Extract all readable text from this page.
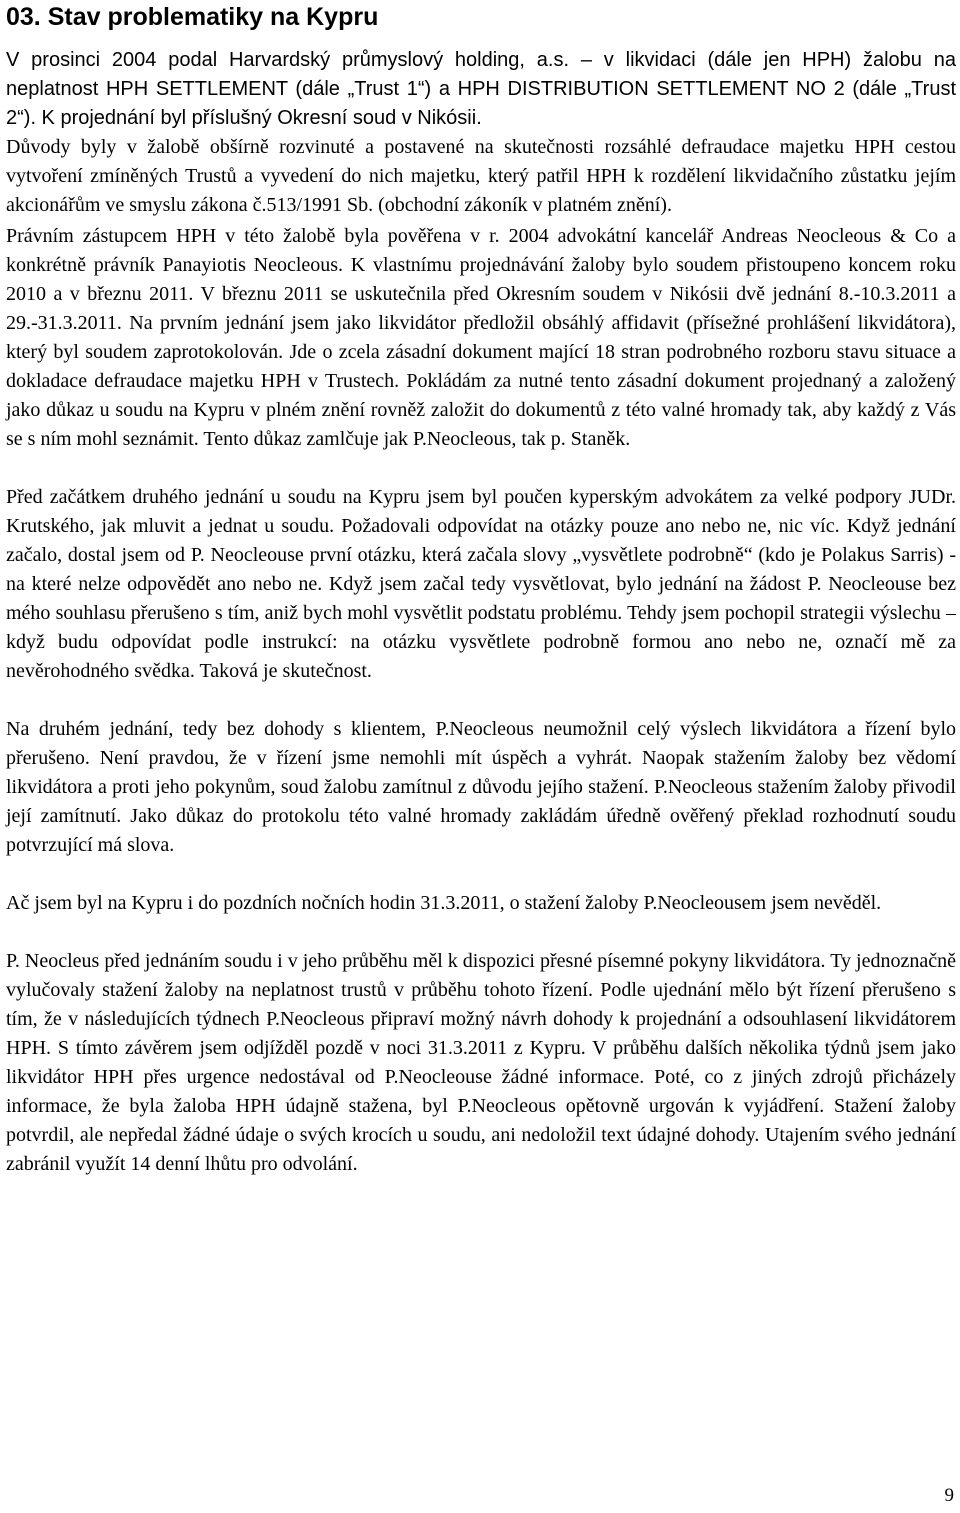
03. Stav problematiky na Kypru

V prosinci 2004 podal Harvardský průmyslový holding, a.s. – v likvidaci (dále jen HPH) žalobu na neplatnost HPH SETTLEMENT (dále „Trust 1“) a HPH DISTRIBUTION SETTLEMENT NO 2 (dále „Trust 2“). K projednání byl příslušný Okresní soud v Nikósii.

Důvody byly v žalobě obšírně rozvinuté a postavené na skutečnosti rozsáhlé defraudace majetku HPH cestou vytvoření zmíněných Trustů a vyvedení do nich majetku, který patřil HPH k rozdělení likvidačního zůstatku jejím akcionářům ve smyslu zákona č.513/1991 Sb. (obchodní zákoník v platném znění).

Právním zástupcem HPH v této žalobě byla pověřena v r. 2004 advokátní kancelář Andreas Neocleous & Co a konkrétně právník Panayiotis Neocleous. K vlastnímu projednávání žaloby bylo soudem přistoupeno koncem roku 2010 a v březnu 2011. V březnu 2011 se uskutečnila před Okresním soudem v Nikósii dvě jednání 8.-10.3.2011 a 29.-31.3.2011. Na prvním jednání jsem jako likvidátor předložil obsáhlý affidavit (přísežné prohlášení likvidátora), který byl soudem zaprotokolován. Jde o zcela zásadní dokument mající 18 stran podrobného rozboru stavu situace a dokladace defraudace majetku HPH v Trustech. Pokládám za nutné tento zásadní dokument projednaný a založený jako důkaz u soudu na Kypru v plném znění rovněž založit do dokumentů z této valné hromady tak, aby každý z Vás se s ním mohl seznámit. Tento důkaz zamlčuje jak P.Neocleous, tak p. Staněk.

Před začátkem druhého jednání u soudu na Kypru jsem byl poučen kyperským advokátem za velké podpory JUDr. Krutského, jak mluvit a jednat u soudu. Požadovali odpovídat na otázky pouze ano nebo ne, nic víc. Když jednání začalo, dostal jsem od P. Neocleouse první otázku, která začala slovy „vysvětlete podrobně“ (kdo je Polakus Sarris) - na které nelze odpovědět ano nebo ne. Když jsem začal tedy vysvětlovat, bylo jednání na žádost P. Neocleouse bez mého souhlasu přerušeno s tím, aniž bych mohl vysvětlit podstatu problému. Tehdy jsem pochopil strategii výslechu – když budu odpovídat podle instrukcí: na otázku vysvětlete podrobně formou ano nebo ne, označí mě za nevěrohodného svědka. Taková je skutečnost.

Na druhém jednání, tedy bez dohody s klientem, P.Neocleous neumožnil celý výslech likvidátora a řízení bylo přerušeno. Není pravdou, že v řízení jsme nemohli mít úspěch a vyhrát. Naopak stažením žaloby bez vědomí likvidátora a proti jeho pokynům, soud žalobu zamítnul z důvodu jejího stažení. P.Neocleous stažením žaloby přivodil její zamítnutí. Jako důkaz do protokolu této valné hromady zakládám úředně ověřený překlad rozhodnutí soudu potvrzující má slova.

Ač jsem byl na Kypru i do pozdních nočních hodin 31.3.2011, o stažení žaloby P.Neocleousem jsem nevěděl.

P. Neocleus před jednáním soudu i v jeho průběhu měl k dispozici přesné písemné pokyny likvidátora. Ty jednoznačně vylučovaly stažení žaloby na neplatnost trustů v průběhu tohoto řízení. Podle ujednání mělo být řízení přerušeno s tím, že v následujících týdnech P.Neocleous připraví možný návrh dohody k projednání a odsouhlasení likvidátorem HPH. S tímto závěrem jsem odjížděl pozdě v noci 31.3.2011 z Kypru. V průběhu dalších několika týdnů jsem jako likvidátor HPH přes urgence nedostával od P.Neocleouse žádné informace. Poté, co z jiných zdrojů přicházely informace, že byla žaloba HPH údajně stažena, byl P.Neocleous opětovně urgován k vyjádření. Stažení žaloby potvrdil, ale nepředal žádné údaje o svých krocích u soudu, ani nedoložil text údajné dohody. Utajením svého jednání zabránil využít 14 denní lhůtu pro odvolání.

9
